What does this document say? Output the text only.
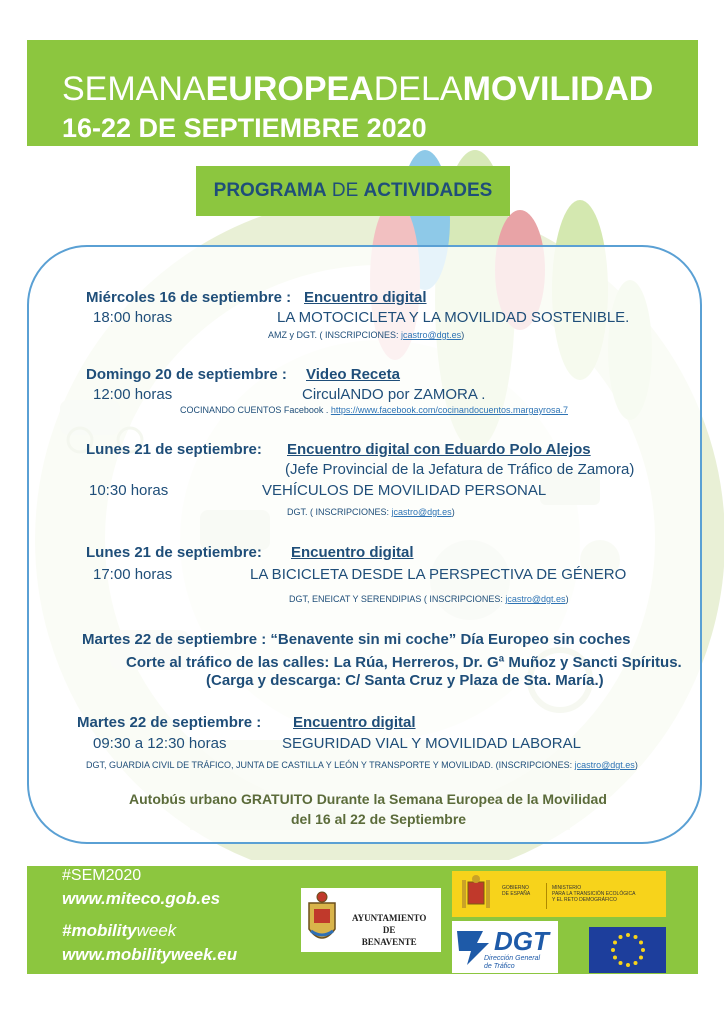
SEMANAEUROPEADELAMOVILIDAD
16-22 DE SEPTIEMBRE 2020
PROGRAMA DE ACTIVIDADES
Miércoles 16 de septiembre : Encuentro digital
18:00 horas	LA MOTOCICLETA Y LA MOVILIDAD SOSTENIBLE.
AMZ y DGT. ( INSCRIPCIONES: jcastro@dgt.es)
Domingo 20 de septiembre : Video Receta
12:00 horas	CirculANDO por ZAMORA .
COCINANDO CUENTOS Facebook . https://www.facebook.com/cocinandocuentos.margayrosa.7
Lunes 21 de septiembre: Encuentro digital con Eduardo Polo Alejos
(Jefe Provincial de la Jefatura de Tráfico de Zamora)
10:30 horas	VEHÍCULOS DE MOVILIDAD PERSONAL
DGT. ( INSCRIPCIONES: jcastro@dgt.es)
Lunes 21 de septiembre: Encuentro digital
17:00 horas	LA BICICLETA DESDE LA PERSPECTIVA DE GÉNERO
DGT, ENEICAT Y SERENDIPIAS ( INSCRIPCIONES: jcastro@dgt.es)
Martes 22 de septiembre : “Benavente sin mi coche” Día Europeo sin coches
Corte al tráfico de las calles: La Rúa, Herreros, Dr. Gª Muñoz y Sancti Spíritus.
(Carga y descarga: C/ Santa Cruz y Plaza de Sta. María.)
Martes 22 de septiembre : Encuentro digital
09:30 a 12:30 horas	SEGURIDAD VIAL Y MOVILIDAD LABORAL
DGT, GUARDIA CIVIL DE TRÁFICO, JUNTA DE CASTILLA Y LEÓN Y TRANSPORTE Y MOVILIDAD. (INSCRIPCIONES: jcastro@dgt.es)
Autobús urbano GRATUITO Durante la Semana Europea de la Movilidad
del 16 al 22 de Septiembre
#SEM2020
www.miteco.gob.es
#mobilityweek
www.mobilityweek.eu
AYUNTAMIENTO
DE
BENAVENTE
GOBIERNO
DE ESPAÑA
MINISTERIO
PARA LA TRANSICIÓN ECOLÓGICA
Y EL RETO DEMOGRÁFICO
DGT
Dirección General
de Tráfico
